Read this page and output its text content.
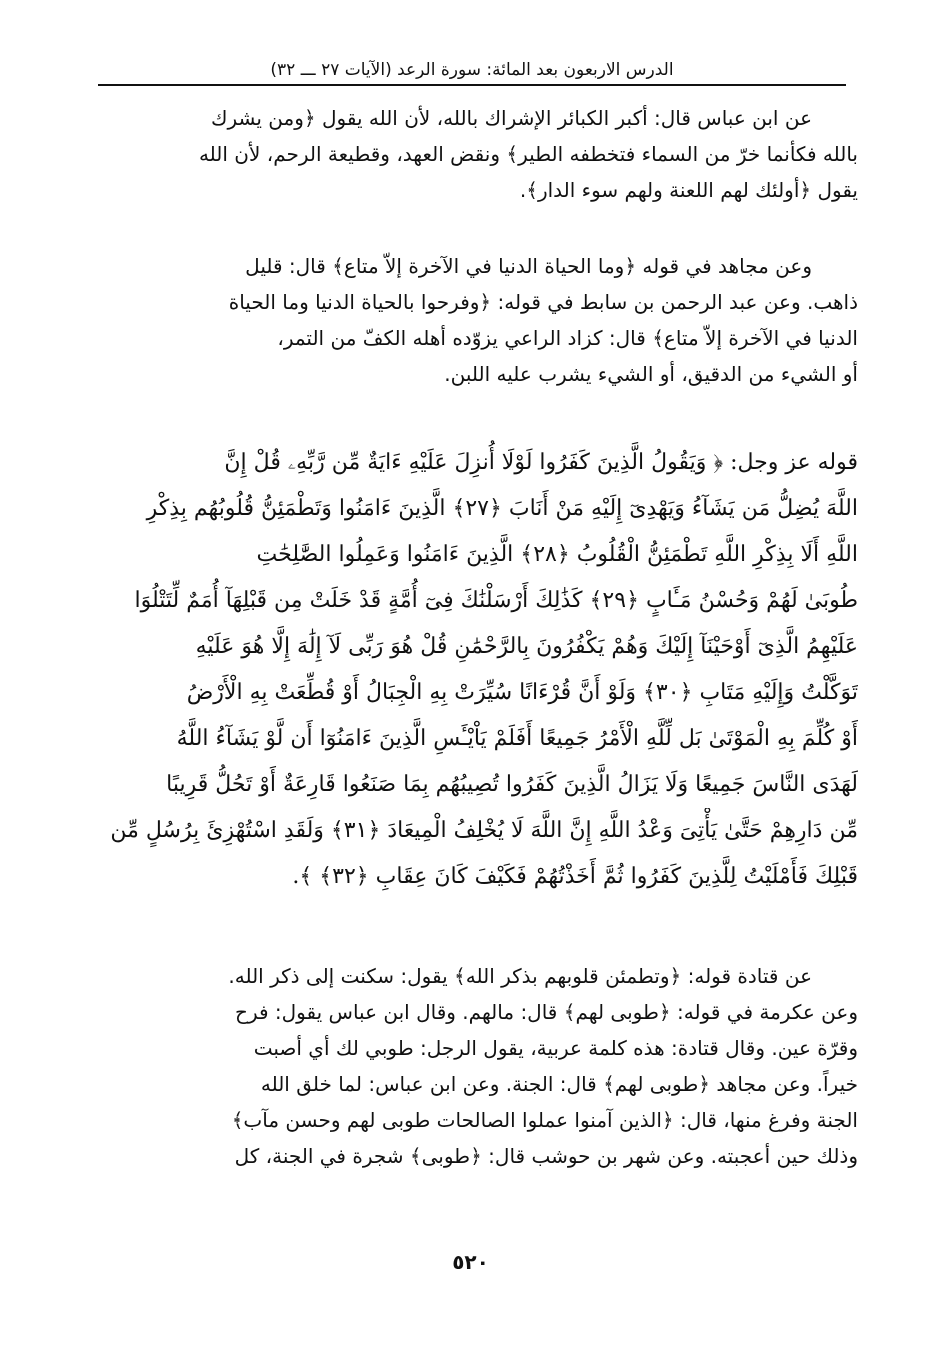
الدرس الاربعون بعد المائة: سورة الرعد (الآيات ٢٧ ـــ ٣٢)
عن ابن عباس قال: أكبر الكبائر الإشراك بالله، لأن الله يقول ﴿ومن يشرك
بالله فكأنما خرّ من السماء فتخطفه الطير﴾ ونقض العهد، وقطيعة الرحم، لأن الله
يقول ﴿أولئك لهم اللعنة ولهم سوء الدار﴾.
وعن مجاهد في قوله ﴿وما الحياة الدنيا في الآخرة إلاّ متاع﴾ قال: قليل
ذاهب. وعن عبد الرحمن بن سابط في قوله: ﴿وفرحوا بالحياة الدنيا وما الحياة
الدنيا في الآخرة إلاّ متاع﴾ قال: كزاد الراعي يزوّده أهله الكفّ من التمر،
أو الشيء من الدقيق، أو الشيء يشرب عليه اللبن.
قوله عز وجل: ﴿ وَيَقُولُ الَّذِينَ كَفَرُوا لَوْلَا أُنزِلَ عَلَيْهِ ءَايَةٌ مِّن رَّبِّهِۦ قُلْ إِنَّ
اللَّهَ يُضِلُّ مَن يَشَآءُ وَيَهْدِىٓ إِلَيْهِ مَنْ أَنَابَ ﴿٢٧﴾ الَّذِينَ ءَامَنُوا وَتَطْمَئِنُّ قُلُوبُهُم بِذِكْرِ
اللَّهِ أَلَا بِذِكْرِ اللَّهِ تَطْمَئِنُّ الْقُلُوبُ ﴿٢٨﴾ الَّذِينَ ءَامَنُوا وَعَمِلُوا الصَّٰلِحَٰتِ
طُوبَىٰ لَهُمْ وَحُسْنُ مَـَٔابٍ ﴿٢٩﴾ كَذَٰلِكَ أَرْسَلْنَٰكَ فِىٓ أُمَّةٍ قَدْ خَلَتْ مِن قَبْلِهَآ أُمَمٌ لِّتَتْلُوَا
عَلَيْهِمُ الَّذِىٓ أَوْحَيْنَآ إِلَيْكَ وَهُمْ يَكْفُرُونَ بِالرَّحْمَٰنِ قُلْ هُوَ رَبِّى لَآ إِلَٰهَ إِلَّا هُوَ عَلَيْهِ
تَوَكَّلْتُ وَإِلَيْهِ مَتَابِ ﴿٣٠﴾ وَلَوْ أَنَّ قُرْءَانًا سُيِّرَتْ بِهِ الْجِبَالُ أَوْ قُطِّعَتْ بِهِ الْأَرْضُ
أَوْ كُلِّمَ بِهِ الْمَوْتَىٰ بَل لِّلَّهِ الْأَمْرُ جَمِيعًا أَفَلَمْ يَاْيْـَٔسِ الَّذِينَ ءَامَنُوٓا أَن لَّوْ يَشَآءُ اللَّهُ
لَهَدَى النَّاسَ جَمِيعًا وَلَا يَزَالُ الَّذِينَ كَفَرُوا تُصِيبُهُم بِمَا صَنَعُوا قَارِعَةٌ أَوْ تَحُلُّ قَرِيبًا
مِّن دَارِهِمْ حَتَّىٰ يَأْتِىَ وَعْدُ اللَّهِ إِنَّ اللَّهَ لَا يُخْلِفُ الْمِيعَادَ ﴿٣١﴾ وَلَقَدِ اسْتُهْزِئَ بِرُسُلٍ مِّن
قَبْلِكَ فَأَمْلَيْتُ لِلَّذِينَ كَفَرُوا ثُمَّ أَخَذْتُهُمْ فَكَيْفَ كَانَ عِقَابِ ﴿٣٢﴾ ﴾.
عن قتادة قوله: ﴿وتطمئن قلوبهم بذكر الله﴾ يقول: سكنت إلى ذكر الله.
وعن عكرمة في قوله: ﴿طوبى لهم﴾ قال: مالهم. وقال ابن عباس يقول: فرح
وقرّة عين. وقال قتادة: هذه كلمة عربية، يقول الرجل: طوبي لك أي أصبت
خيراً. وعن مجاهد ﴿طوبى لهم﴾ قال: الجنة. وعن ابن عباس: لما خلق الله
الجنة وفرغ منها، قال: ﴿الذين آمنوا عملوا الصالحات طوبى لهم وحسن مآب﴾
وذلك حين أعجبته. وعن شهر بن حوشب قال: ﴿طوبى﴾ شجرة في الجنة، كل
٥٢٠
